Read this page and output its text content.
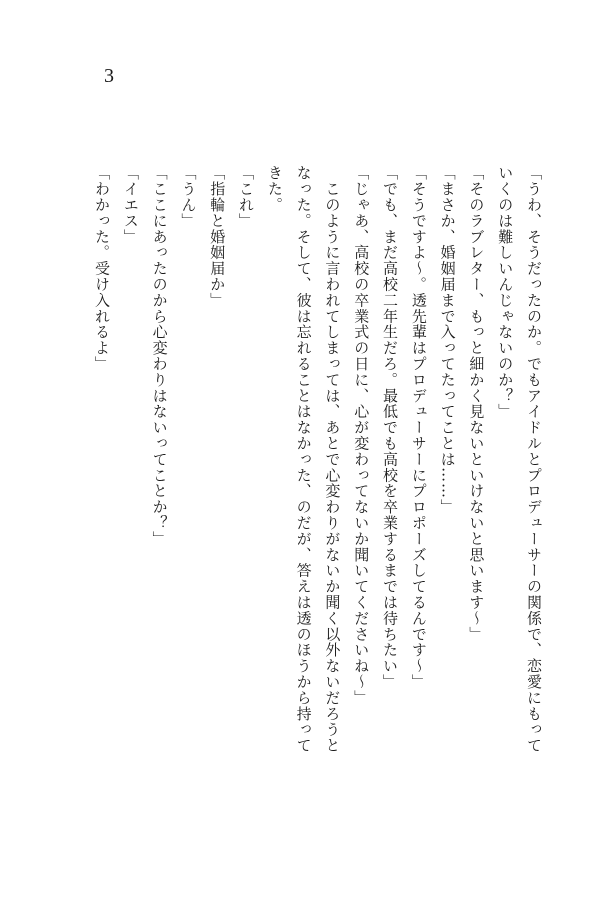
3

「うわ、そうだったのか。でもアイドルとプロデューサーの関係で、恋愛にもって

いくのは難しいんじゃないのか？」

「そのラブレター、もっと細かく見ないといけないと思います〜」

「まさか、婚姻届まで入ってたってことは……」

「そうですよ〜。透先輩はプロデューサーにプロポーズしてるんです〜」

「でも、まだ高校二年生だろ。最低でも高校を卒業するまでは待ちたい」

「じゃあ、高校の卒業式の日に、心が変わってないか聞いてくださいね〜」

　このように言われてしまっては、あとで心変わりがないか聞く以外ないだろうと

なった。そして、彼は忘れることはなかった、のだが、答えは透のほうから持って

きた。

「これ」

「指輪と婚姻届か」

「うん」

「ここにあったのから心変わりはないってことか？」

「イエス」

「わかった。受け入れるよ」
